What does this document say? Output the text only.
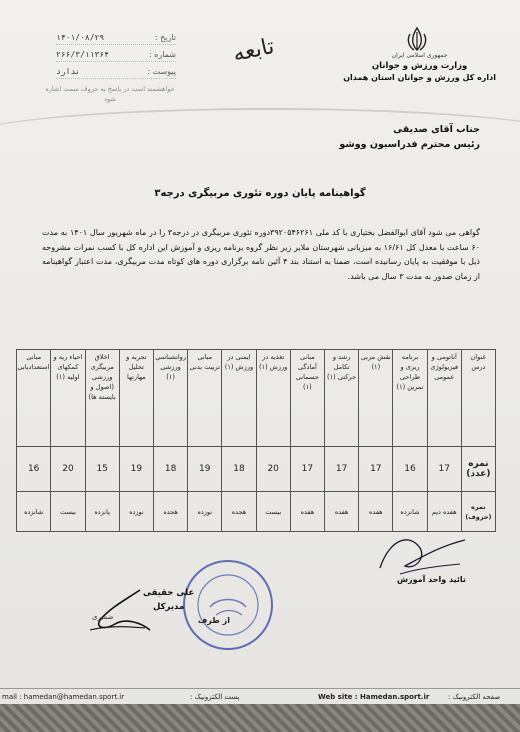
تاریخ :
۱۴۰۱/۰۸/۲۹
شماره :
۲۶۶/۳/۱۱۳۶۴
پیوست :
ندارد
خواهشمند است در پاسخ به حروف سمت اشاره شود
تابعه	جمهوری اسلامی ایران
وزارت ورزش و جوانان
اداره کل ورزش و جوانان استان همدان
جناب آقای صدیقی
رئیس محترم فدراسیون ووشو
گواهینامه پایان دوره تئوری مربیگری درجه۳
گواهی می شود آقای ابوالفضل بختیاری با کد ملی ۳۹۲۰۵۴۶۲۶۱دوره تئوری مربیگری در درجه۳ را در ماه شهریور سال ۱۴۰۱ به مدت ۶۰ ساعت با معدل کل ۱۶/۶۱ به میزبانی شهرستان ملایر زیر نظر گروه برنامه ریزی و آموزش این اداره کل با کسب نمرات مشروحه ذیل با موفقیت به پایان رسانیده است، ضمنا به استناد بند ۴ آئین نامه برگزاری دوره های کوتاه مدت مربیگری، مدت اعتبار گواهینامه از زمان صدور به مدت ۳ سال می باشد.
عنوان درس	آناتومی و فیزیولوژی عمومی	برنامه ریزی و طراحی تمرین (۱)	نقش مربی (۱)	رشد و تکامل حرکتی (۱)	مبانی آمادگی جسمانی (۱)	تغذیه در ورزش (۱)	ایمنی در ورزش (۱)	مبانی تربیت بدنی	روانشناسی ورزشی (۱)	تجربه و تحلیل مهارتها	اخلاق مربیگری ورزشی (اصول و بایسته ها)	احیاء ریه و کمکهای اولیه (۱)	مبانی استعدادیابی
نمره (عدد)	17	16	17	17	17	20	18	19	18	19	15	20	16
نمره (حروف)	هفده دیم	شانزده	هفده	هفده	هفده	بیست	هجده	نوزده	هجده	نوزده	پانزده	بیست	شانزده
تائید واحد آموزش
علی حقیقی
مدیرکل
از طرف
ضمیری
mail : hamedan@hamedan.sport.ir	پست الکترونیک :	Web site : Hamedan.sport.ir	صفحه الکترونیک :
